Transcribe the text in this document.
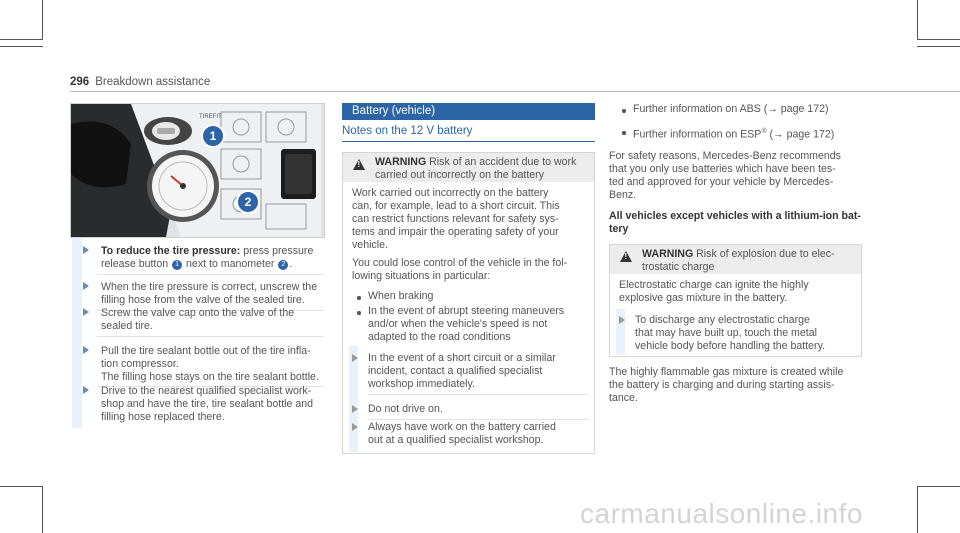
296 Breakdown assistance
TIREFIT
1
2
To reduce the tire pressure: press pressure release button 1 next to manometer 2 .
When the tire pressure is correct, unscrew the filling hose from the valve of the sealed tire.
Screw the valve cap onto the valve of the sealed tire.
Pull the tire sealant bottle out of the tire infla- tion compressor.
The filling hose stays on the tire sealant bottle.
Drive to the nearest qualified specialist work- shop and have the tire, tire sealant bottle and filling hose replaced there.
Battery (vehicle)
Notes on the 12 V battery
!
WARNING Risk of an accident due to work
carried out incorrectly on the battery
Work carried out incorrectly on the battery
can, for example, lead to a short circuit. This
can restrict functions relevant for safety sys-
tems and impair the operating safety of your
vehicle.
You could lose control of the vehicle in the fol-
lowing situations in particular:
When braking
In the event of abrupt steering maneuvers
and/or when the vehicle's speed is not
adapted to the road conditions
In the event of a short circuit or a similar
incident, contact a qualified specialist
workshop immediately.
Do not drive on.
Always have work on the battery carried
out at a qualified specialist workshop.
Further information on ABS (→ page 172)
Further information on ESP® (→ page 172)
For safety reasons, Mercedes-Benz recommends
that you only use batteries which have been tes-
ted and approved for your vehicle by Mercedes-
Benz.
All vehicles except vehicles with a lithium-ion bat-
tery
!
WARNING Risk of explosion due to elec-
trostatic charge
Electrostatic charge can ignite the highly
explosive gas mixture in the battery.
To discharge any electrostatic charge
that may have built up, touch the metal
vehicle body before handling the battery.
The highly flammable gas mixture is created while
the battery is charging and during starting assis-
tance.
carmanualsonline.info
